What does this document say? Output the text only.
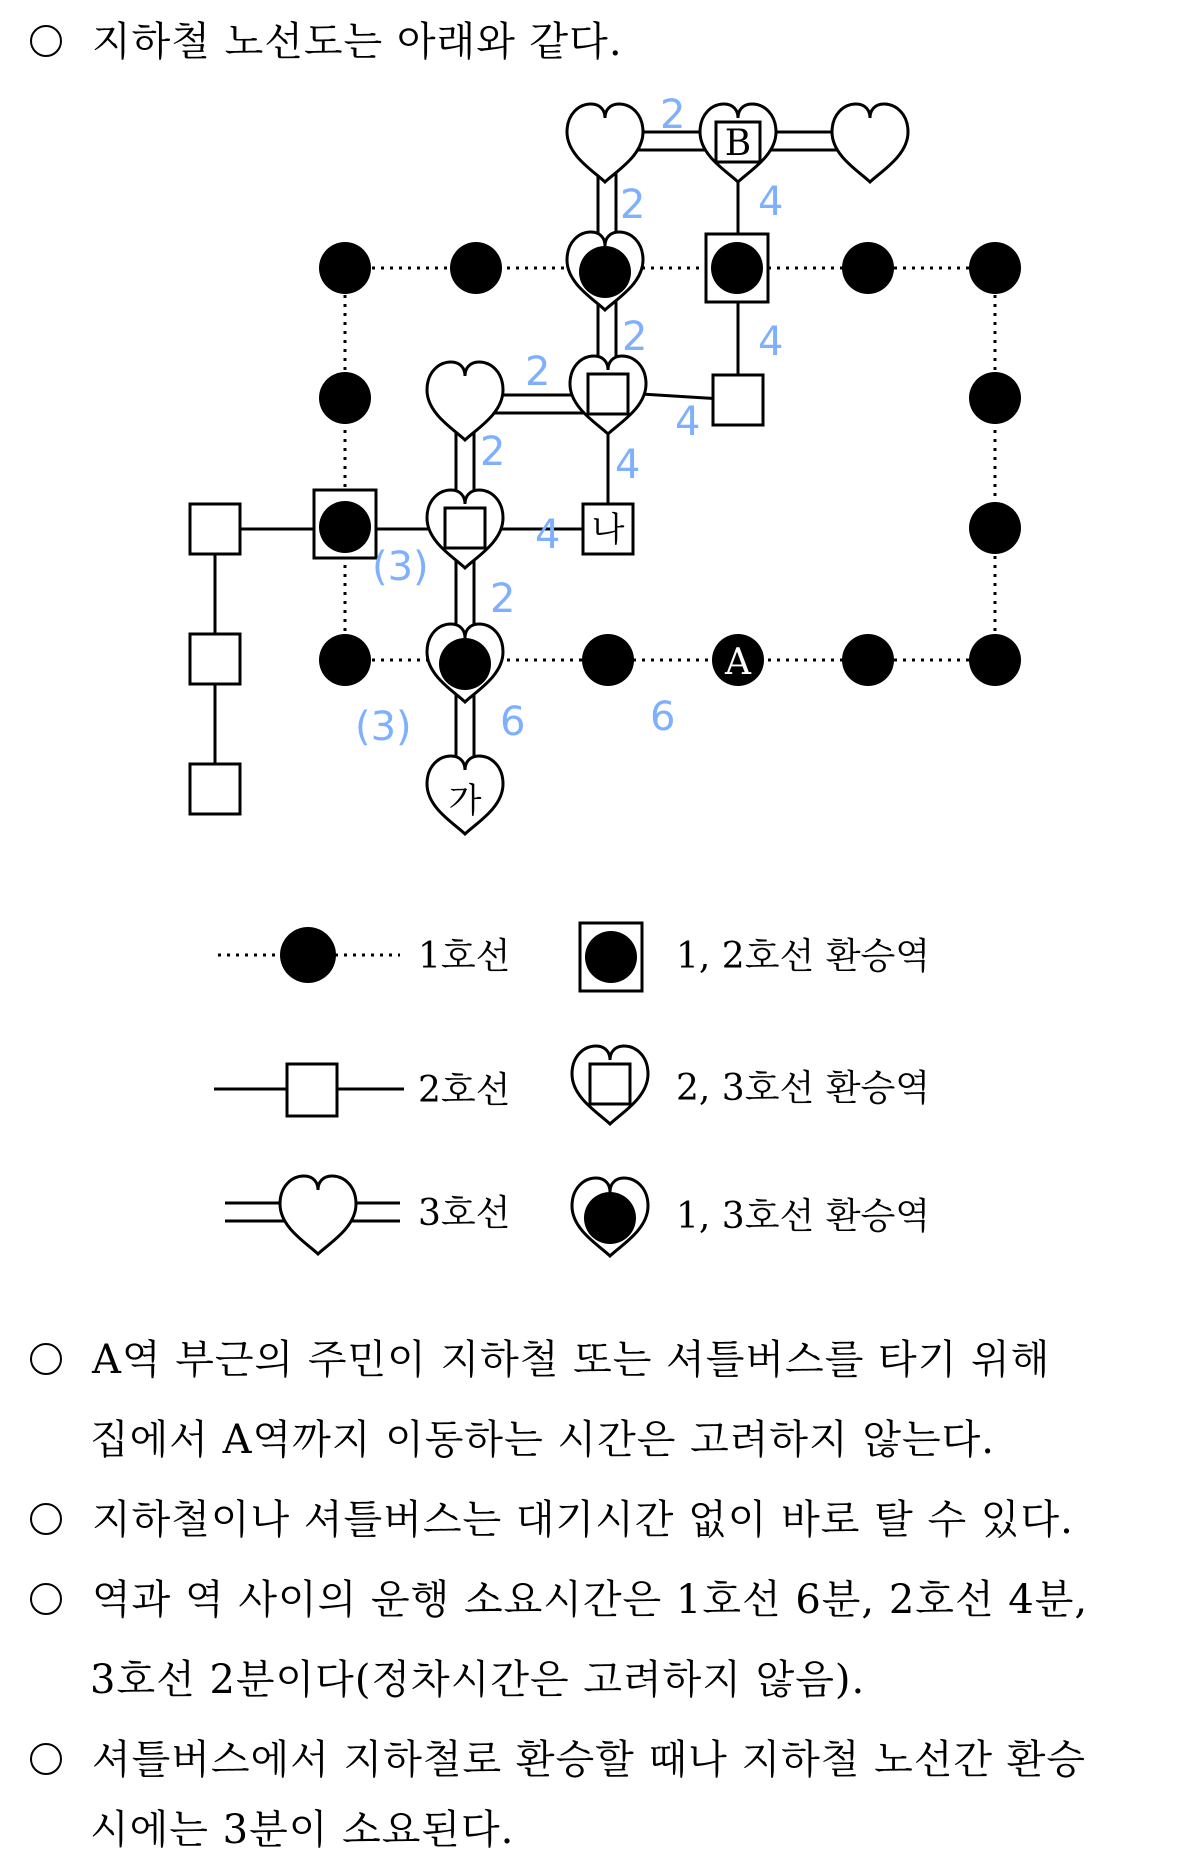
지하철 노선도는 아래와 같다.
A
나
가
B
2
2	4
2	4
2
4
2	4
4
(3)
2
(3) 6	6
1호선	1, 2호선 환승역
2호선	2, 3호선 환승역
3호선	1, 3호선 환승역
A역 부근의 주민이 지하철 또는 셔틀버스를 타기 위해
집에서 A역까지 이동하는 시간은 고려하지 않는다.
지하철이나 셔틀버스는 대기시간 없이 바로 탈 수 있다.
역과 역 사이의 운행 소요시간은 1호선 6분, 2호선 4분,
3호선 2분이다(정차시간은 고려하지 않음).
셔틀버스에서 지하철로 환승할 때나 지하철 노선간 환승
시에는 3분이 소요된다.
